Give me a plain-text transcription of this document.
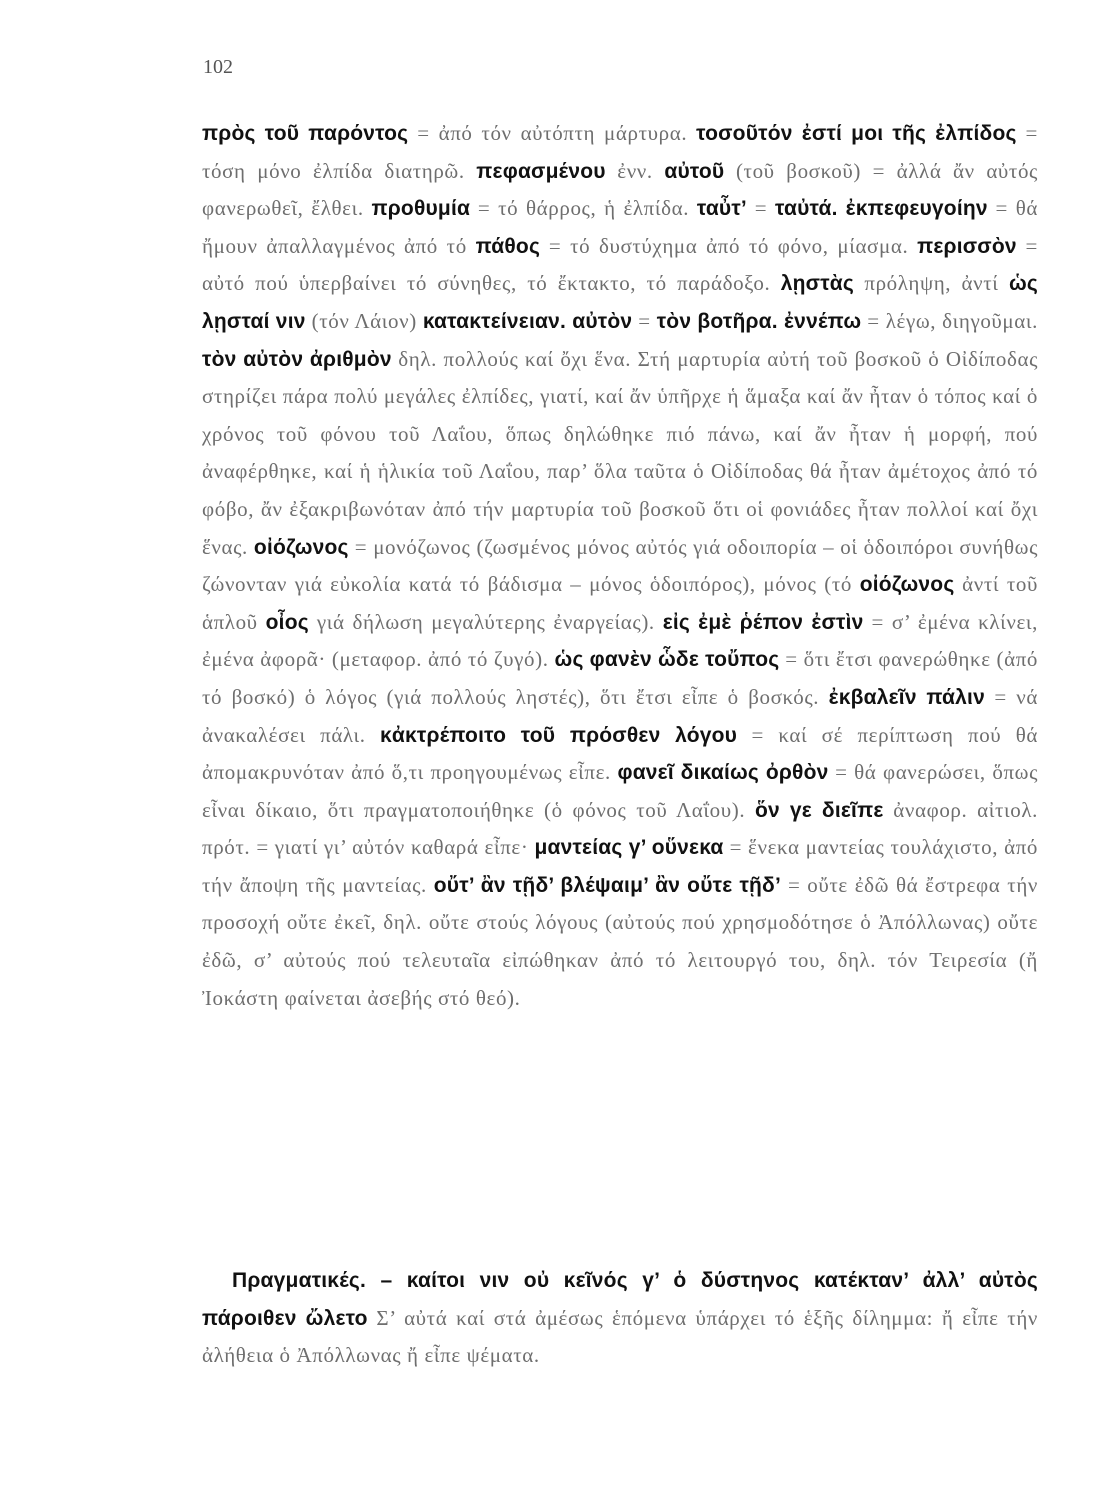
102
πρὸς τοῦ παρόντος = ἀπό τόν αὐτόπτη μάρτυρα. τοσοῦτόν ἐστί μοι τῆς ἐλπίδος = τόση μόνο ἐλπίδα διατηρῶ. πεφασμένου ἐνν. αὐτοῦ (τοῦ βοσκοῦ) = ἀλλά ἄν αὐτός φανερωθεῖ, ἔλθει. προθυμία = τό θάρρος, ἡ ἐλπίδα. ταὖτ’ = ταὐτά. ἐκπεφευγοίην = θά ἤμουν ἀπαλλαγμένος ἀπό τό πάθος = τό δυστύχημα ἀπό τό φόνο, μίασμα. περισσὸν = αὐτό πού ὑπερβαίνει τό σύνηθες, τό ἔκτακτο, τό παράδοξο. λῃστὰς πρόληψη, ἀντί ὡς λῃσταί νιν (τόν Λάιον) κατακτείνειαν. αὐτὸν = τὸν βοτῆρα. ἐννέπω = λέγω, διηγοῦμαι. τὸν αὐτὸν ἀριθμὸν δηλ. πολλούς καί ὄχι ἕνα. Στή μαρτυρία αὐτή τοῦ βοσκοῦ ὁ Οἰδίποδας στηρίζει πάρα πολύ μεγάλες ἐλπίδες, γιατί, καί ἄν ὑπῆρχε ἡ ἅμαξα καί ἄν ἦταν ὁ τόπος καί ὁ χρόνος τοῦ φόνου τοῦ Λαΐου, ὅπως δηλώθηκε πιό πάνω, καί ἄν ἦταν ἡ μορφή, πού ἀναφέρθηκε, καί ἡ ἡλικία τοῦ Λαΐου, παρ’ ὅλα ταῦτα ὁ Οἰδίποδας θά ἦταν ἀμέτοχος ἀπό τό φόβο, ἄν ἐξακριβωνόταν ἀπό τήν μαρτυρία τοῦ βοσκοῦ ὅτι οἱ φονιάδες ἦταν πολλοί καί ὄχι ἕνας. οἰόζωνος = μονόζωνος (ζωσμένος μόνος αὐτός γιά οδοιπορία – οἱ ὁδοιπόροι συνήθως ζώνονταν γιά εὐκολία κατά τό βάδισμα – μόνος ὁδοιπόρος), μόνος (τό οἰόζωνος ἀντί τοῦ ἁπλοῦ οἶος γιά δήλωση μεγαλύτερης ἐναργείας). εἰς ἐμὲ ῥέπον ἐστὶν = σ’ ἐμένα κλίνει, ἐμένα ἀφορᾶ· (μεταφορ. ἀπό τό ζυγό). ὡς φανὲν ὧδε τοὔπος = ὅτι ἔτσι φανερώθηκε (ἀπό τό βοσκό) ὁ λόγος (γιά πολλούς ληστές), ὅτι ἔτσι εἶπε ὁ βοσκός. ἐκβαλεῖν πάλιν = νά ἀνακαλέσει πάλι. κἀκτρέποιτο τοῦ πρόσθεν λόγου = καί σέ περίπτωση πού θά ἀπομακρυνόταν ἀπό ὅ,τι προηγουμένως εἶπε. φανεῖ δικαίως ὀρθὸν = θά φανερώσει, ὅπως εἶναι δίκαιο, ὅτι πραγματοποιήθηκε (ὁ φόνος τοῦ Λαΐου). ὅν γε διεῖπε ἀναφορ. αἰτιολ. πρότ. = γιατί γι’ αὐτόν καθαρά εἶπε· μαντείας γ’ οὕνεκα = ἕνεκα μαντείας τουλάχιστο, ἀπό τήν ἄποψη τῆς μαντείας. οὔτ’ ἂν τῇδ’ βλέψαιμ’ ἂν οὔτε τῇδ’ = οὔτε ἐδῶ θά ἔστρεφα τήν προσοχή οὔτε ἐκεῖ, δηλ. οὔτε στούς λόγους (αὐτούς πού χρησμοδότησε ὁ Ἀπόλλωνας) οὔτε ἐδῶ, σ’ αὐτούς πού τελευταῖα εἰπώθηκαν ἀπό τό λειτουργό του, δηλ. τόν Τειρεσία (ἤ Ἰοκάστη φαίνεται ἀσεβής στό θεό).
Πραγματικές. – καίτοι νιν οὐ κεῖνός γ’ ὁ δύστηνος κατέκταν’ ἀλλ’ αὐτὸς πάροιθεν ὤλετο Σ’ αὐτά καί στά ἀμέσως ἑπόμενα ὑπάρχει τό ἑξῆς δίλημμα: ἤ εἶπε τήν ἀλήθεια ὁ Ἀπόλλωνας ἤ εἶπε ψέματα.
